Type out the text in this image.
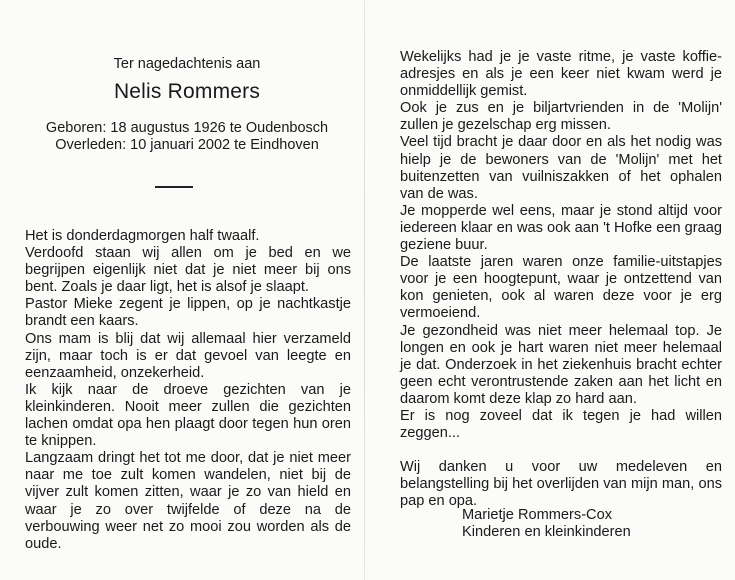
Ter nagedachtenis aan
Nelis Rommers
Geboren: 18 augustus 1926 te Oudenbosch
Overleden: 10 januari 2002 te Eindhoven

Het is donderdagmorgen half twaalf.

Verdoofd staan wij allen om je bed en we begrijpen eigenlijk niet dat je niet meer bij ons bent. Zoals je daar ligt, het is alsof je slaapt.

Pastor Mieke zegent je lippen, op je nachtkastje brandt een kaars.

Ons mam is blij dat wij allemaal hier verzameld zijn, maar toch is er dat gevoel van leegte en eenzaamheid, onzekerheid.

Ik kijk naar de droeve gezichten van je kleinkinderen. Nooit meer zullen die gezichten lachen omdat opa hen plaagt door tegen hun oren te knippen.

Langzaam dringt het tot me door, dat je niet meer naar me toe zult komen wandelen, niet bij de vijver zult komen zitten, waar je zo van hield en waar je zo over twijfelde of deze na de verbouwing weer net zo mooi zou worden als de oude.

Wekelijks had je je vaste ritme, je vaste koffie-adresjes en als je een keer niet kwam werd je onmiddellijk gemist.

Ook je zus en je biljartvrienden in de 'Molijn' zullen je gezelschap erg missen.

Veel tijd bracht je daar door en als het nodig was hielp je de bewoners van de 'Molijn' met het buitenzetten van vuilniszakken of het ophalen van de was.

Je mopperde wel eens, maar je stond altijd voor iedereen klaar en was ook aan 't Hofke een graag geziene buur.

De laatste jaren waren onze familie-uitstapjes voor je een hoogtepunt, waar je ontzettend van kon genieten, ook al waren deze voor je erg vermoeiend.

Je gezondheid was niet meer helemaal top. Je longen en ook je hart waren niet meer helemaal je dat. Onderzoek in het ziekenhuis bracht echter geen echt verontrustende zaken aan het licht en daarom komt deze klap zo hard aan.

Er is nog zoveel dat ik tegen je had willen zeggen...

Wij danken u voor uw medeleven en belangstelling bij het overlijden van mijn man, ons pap en opa.

Marietje Rommers-Cox
Kinderen en kleinkinderen
